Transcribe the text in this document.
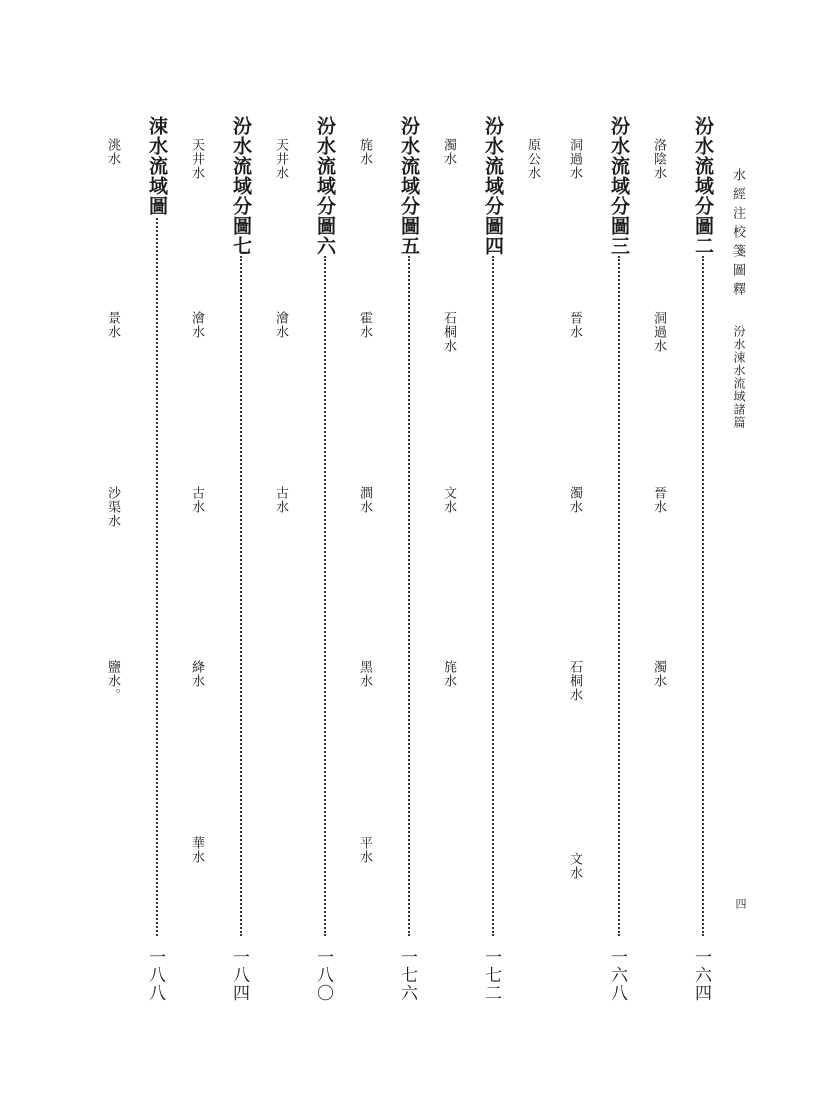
水經注校箋圖釋
汾水涑水流域諸篇
四
汾水流域分圖二
一六四
洛陰水
洞過水
晉水
濁水
汾水流域分圖三
一六八
洞過水
晉水
濁水
石桐水
文水
原公水
汾水流域分圖四
一七二
濁水
石桐水
文水
旄水
汾水流域分圖五
一七六
旄水
霍水
澗水
黑水
平水
汾水流域分圖六
一八〇
天井水
澮水
古水
汾水流域分圖七
一八四
天井水
澮水
古水
絳水
華水
涑水流域圖
一八八
洮水
景水
沙渠水
鹽水。
